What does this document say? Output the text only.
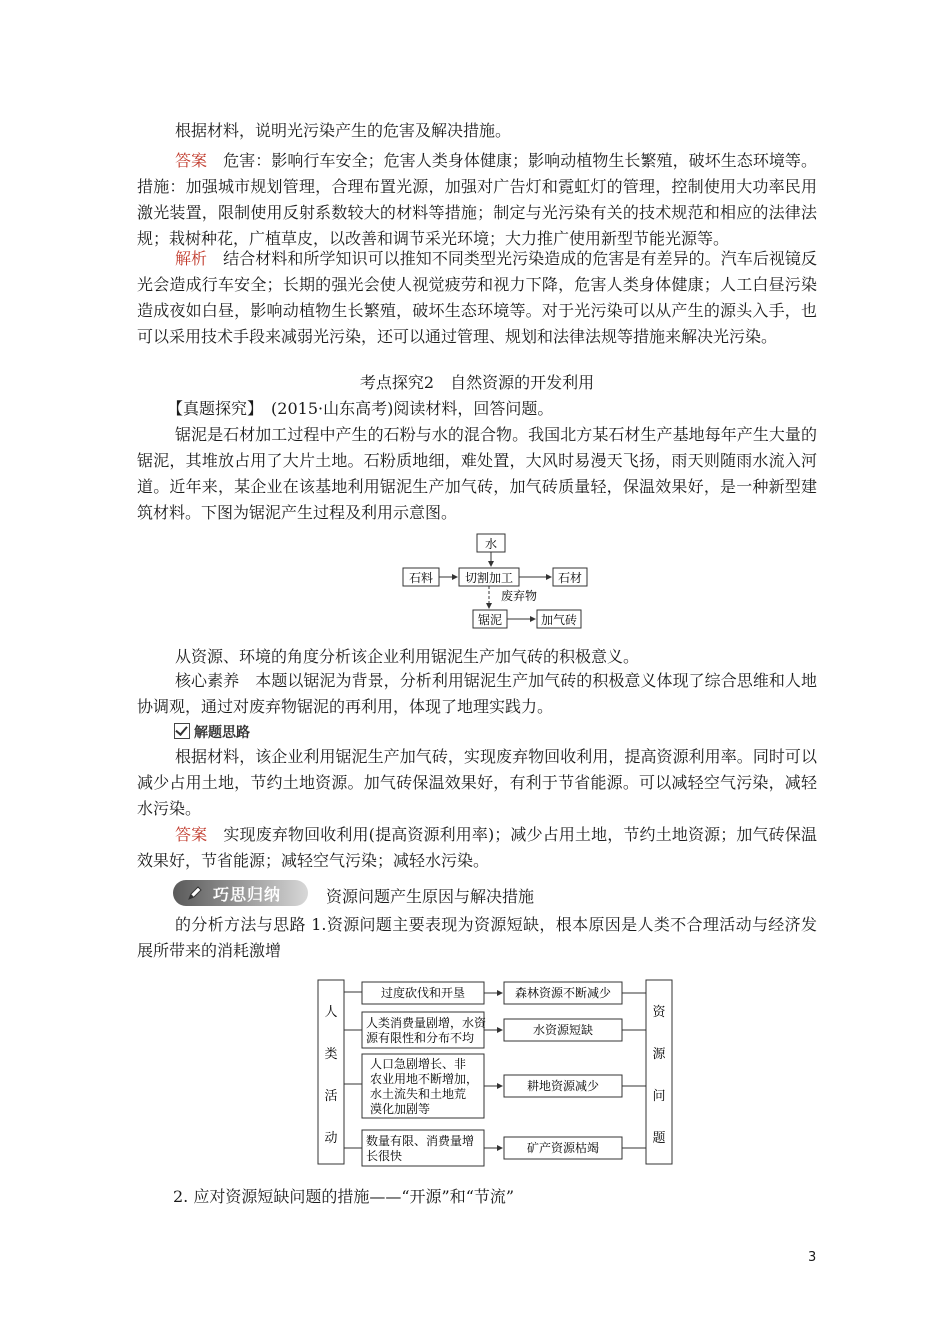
根据材料，说明光污染产生的危害及解决措施。

答案　 危害：影响行车安全；危害人类身体健康；影响动植物生长繁殖，破坏生态环境等。措施：加强城市规划管理，合理布置光源，加强对广告灯和霓虹灯的管理，控制使用大功率民用激光装置，限制使用反射系数较大的材料等措施；制定与光污染有关的技术规范和相应的法律法规；栽树种花，广植草皮，以改善和调节采光环境；大力推广使用新型节能光源等。

解析　 结合材料和所学知识可以推知不同类型光污染造成的危害是有差异的。汽车后视镜反光会造成行车安全；长期的强光会使人视觉疲劳和视力下降，危害人类身体健康；人工白昼污染造成夜如白昼，影响动植物生长繁殖，破坏生态环境等。对于光污染可以从产生的源头入手，也可以采用技术手段来减弱光污染，还可以通过管理、规划和法律法规等措施来解决光污染。

考点探究2　自然资源的开发利用

【真题探究】　 (2015·山东高考)阅读材料，回答问题。

锯泥是石材加工过程中产生的石粉与水的混合物。我国北方某石材生产基地每年产生大量的锯泥，其堆放占用了大片土地。石粉质地细，难处置，大风时易漫天飞扬，雨天则随雨水流入河道。近年来，某企业在该基地利用锯泥生产加气砖，加气砖质量轻，保温效果好，是一种新型建筑材料。下图为锯泥产生过程及利用示意图。

水
石料	切割加工	石材
废弃物
锯泥	加气砖

从资源、环境的角度分析该企业利用锯泥生产加气砖的积极意义。

核心素养　 本题以锯泥为背景，分析利用锯泥生产加气砖的积极意义体现了综合思维和人地协调观，通过对废弃物锯泥的再利用，体现了地理实践力。

解题思路

根据材料，该企业利用锯泥生产加气砖，实现废弃物回收利用，提高资源利用率。同时可以减少占用土地，节约土地资源。加气砖保温效果好，有利于节省能源。可以减轻空气污染，减轻水污染。

答案　 实现废弃物回收利用(提高资源利用率)；减少占用土地，节约土地资源；加气砖保温效果好，节省能源；减轻空气污染；减轻水污染。

巧思归纳	资源问题产生原因与解决措施

的分析方法与思路 1.资源问题主要表现为资源短缺，根本原因是人类不合理活动与经济发展所带来的消耗激增

人
类
活
动
资
源
问
题
过度砍伐和开垦
人类消费量剧增，水资
源有限性和分布不均
人口急剧增长、非
农业用地不断增加，
水土流失和土地荒
漠化加剧等
数量有限、消费量增
长很快
森林资源不断减少
水资源短缺
耕地资源减少
矿产资源枯竭

2. 应对资源短缺问题的措施——“开源”和“节流”

3
